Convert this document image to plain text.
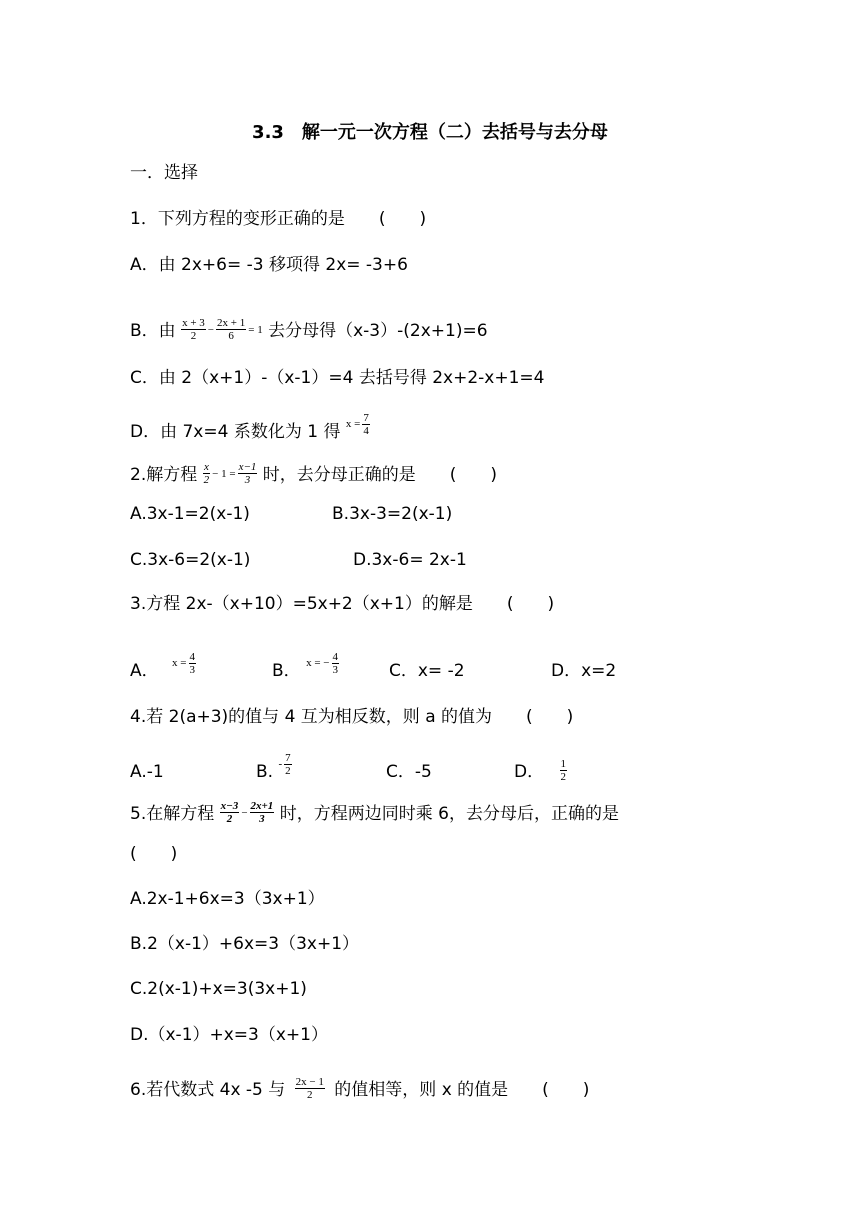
3.3　解一元一次方程（二）去括号与去分母
一．选择
1．下列方程的变形正确的是　　(　　)
A．由 2x+6= -3 移项得 2x= -3+6
B．由 $\frac{x + 3}{2} - \frac{2x + 1}{6} = 1$ 去分母得（x-3）-(2x+1)=6
C．由 2（x+1）-（x-1）=4 去括号得 2x+2-x+1=4
D．由 7x=4 系数化为 1 得 $x = \frac{7}{4}$
2.解方程 $\frac{x}{2} - 1 = \frac{x-1}{3}$ 时，去分母正确的是　　(　　)
A.3x-1=2(x-1)	B.3x-3=2(x-1)
C.3x-6=2(x-1)	D.3x-6= 2x-1
3.方程 2x-（x+10）=5x+2（x+1）的解是　　(　　)
A． $x = \frac{4}{3}$	B． x = − $\frac{4}{3}$	C．x= -2	D．x=2
4.若 2(a+3)的值与 4 互为相反数，则 a 的值为　　(　　)
A.-1	B. - $\frac{7}{2}$	C．-5	D． $\frac{1}{2}$
5.在解方程 $\frac{x-3}{2} - \frac{2x+1}{3}$ 时，方程两边同时乘 6，去分母后，正确的是
(　　)
A.2x-1+6x=3（3x+1）
B.2（x-1）+6x=3（3x+1）
C.2(x-1)+x=3(3x+1)
D.（x-1）+x=3（x+1）
6.若代数式 4x -5 与 $\frac{2x - 1}{2}$ 的值相等，则 x 的值是　　(　　)
